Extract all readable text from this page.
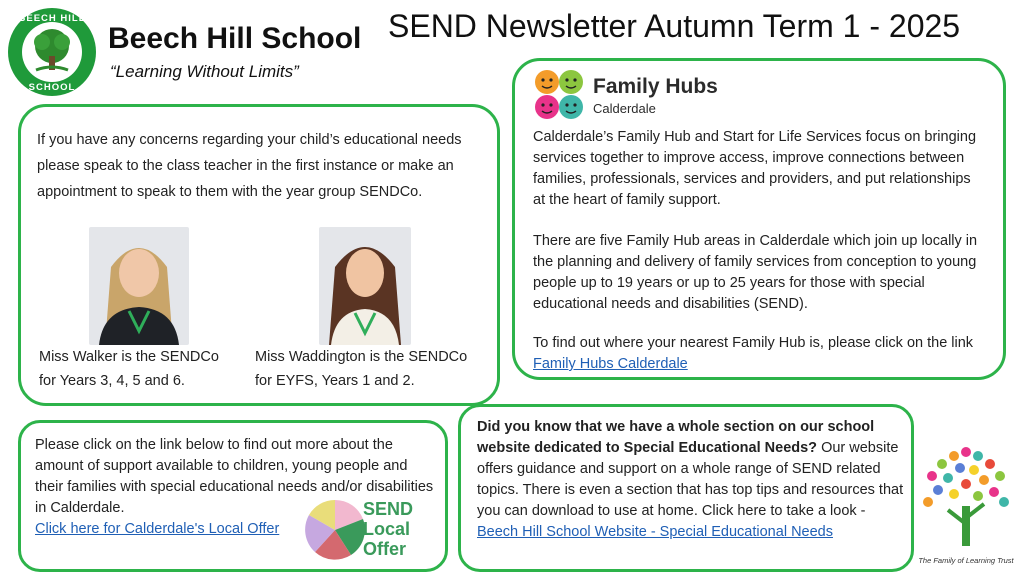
BEECH HILL
SCHOOL
Beech Hill School
“Learning Without Limits”
SEND Newsletter Autumn Term 1 - 2025
If you have any concerns regarding your child’s educational needs please speak to the class teacher in the first instance or make an appointment to speak to them with the year group SENDCo.
Miss Walker is the SENDCo
for Years 3, 4, 5 and 6.
Miss Waddington is the SENDCo
for EYFS, Years 1 and 2.
Family Hubs
Calderdale
Calderdale’s Family Hub and Start for Life Services focus on bringing services together to improve access, improve connections between families, professionals, services and providers, and put relationships at the heart of family support.
There are five Family Hub areas in Calderdale which join up locally in the planning and delivery of family services from conception to young people up to 19 years or up to 25 years for those with special educational needs and disabilities (SEND).
To find out where your nearest Family Hub is, please click on the link Family Hubs Calderdale
Please click on the link below to find out more about the amount of support available to children, young people and their families with special educational needs and/or disabilities in Calderdale.
Click here for Calderdale's Local Offer
SEND
Local
Offer
Did you know that we have a whole section on our school website dedicated to Special Educational Needs? Our website offers guidance and support on a whole range of SEND related topics. There is even a section that has top tips and resources that you can download to use at home. Click here to take a look - Beech Hill School Website - Special Educational Needs
The Family of Learning Trust
